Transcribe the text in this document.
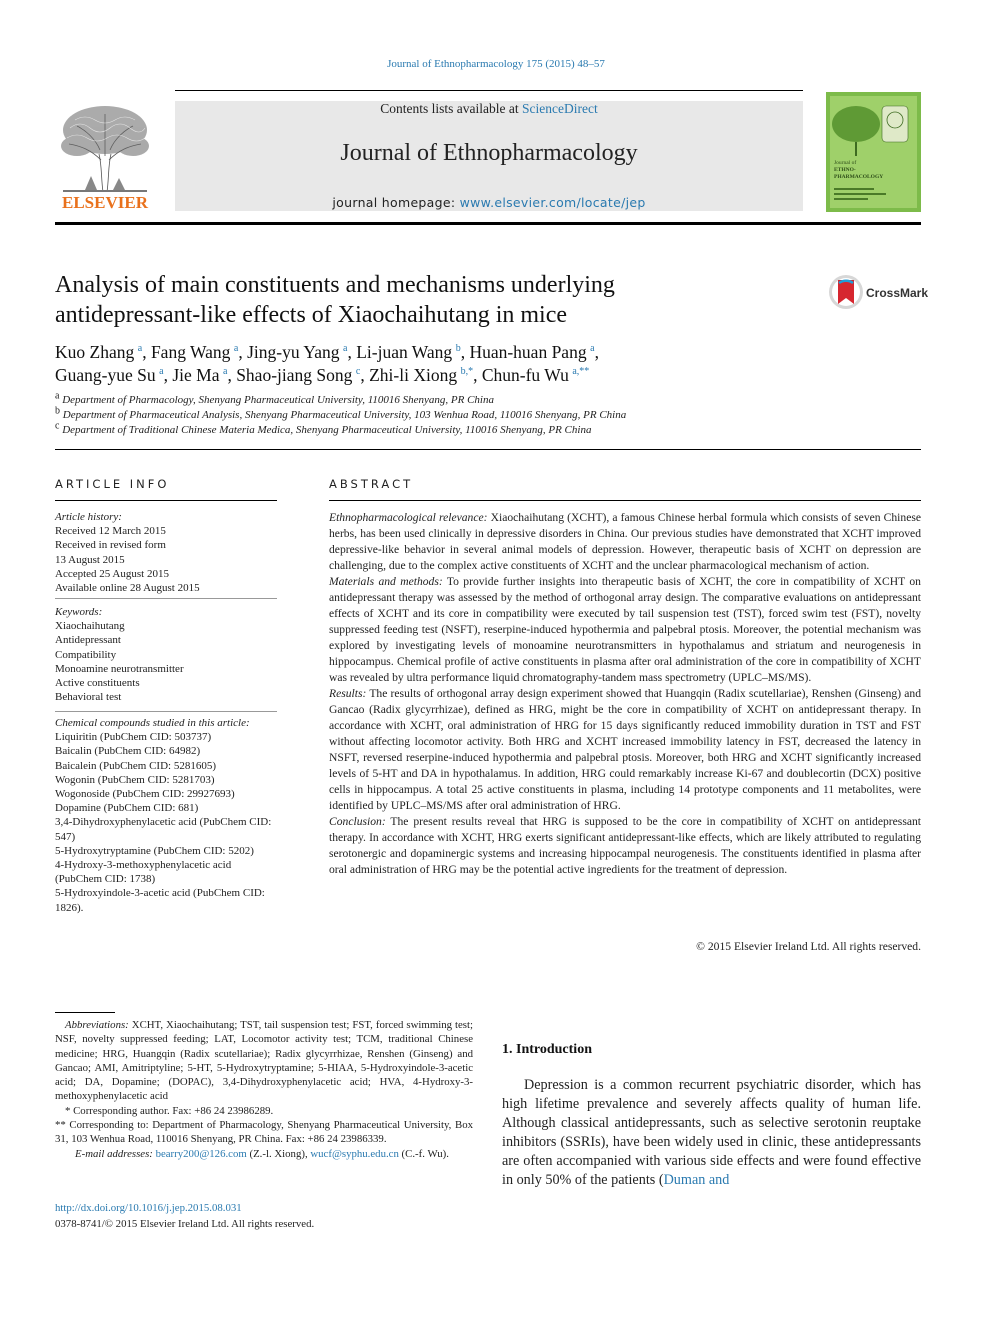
Journal of Ethnopharmacology 175 (2015) 48–57
Contents lists available at ScienceDirect
Journal of Ethnopharmacology
journal homepage: www.elsevier.com/locate/jep
ELSEVIER
Journal of ETHNO- PHARMACOLOGY
Analysis of main constituents and mechanisms underlying
antidepressant-like effects of Xiaochaihutang in mice
CrossMark
Kuo Zhang  $^a$, Fang Wang  $^a$, Jing-yu Yang  $^a$, Li-juan Wang  $^b$, Huan-huan Pang  $^a$,
Guang-yue Su  $^a$, Jie Ma  $^a$, Shao-jiang Song  $^c$, Zhi-li Xiong  $^{b,*}$, Chun-fu Wu  $^{a,**}$
$^a$ Department of Pharmacology, Shenyang Pharmaceutical University, 110016 Shenyang, PR China
$^b$ Department of Pharmaceutical Analysis, Shenyang Pharmaceutical University, 103 Wenhua Road, 110016 Shenyang, PR China
$^c$ Department of Traditional Chinese Materia Medica, Shenyang Pharmaceutical University, 110016 Shenyang, PR China
ARTICLE INFO	ABSTRACT
Article history:
Received 12 March 2015
Received in revised form
13 August 2015
Accepted 25 August 2015
Available online 28 August 2015
Keywords:
Xiaochaihutang
Antidepressant
Compatibility
Monoamine neurotransmitter
Active constituents
Behavioral test
Chemical compounds studied in this article:
Liquiritin (PubChem CID: 503737)
Baicalin (PubChem CID: 64982)
Baicalein (PubChem CID: 5281605)
Wogonin (PubChem CID: 5281703)
Wogonoside (PubChem CID: 29927693)
Dopamine (PubChem CID: 681)
3,4-Dihydroxyphenylacetic acid (PubChem CID: 547)
5-Hydroxytryptamine (PubChem CID: 5202)
4-Hydroxy-3-methoxyphenylacetic acid (PubChem CID: 1738)
5-Hydroxyindole-3-acetic acid (PubChem CID: 1826).

Ethnopharmacological relevance: Xiaochaihutang (XCHT), a famous Chinese herbal formula which consists of seven Chinese herbs, has been used clinically in depressive disorders in China. Our previous studies have demonstrated that XCHT improved depressive-like behavior in several animal models of depression. However, therapeutic basis of XCHT on depression are challenging, due to the complex active constituents of XCHT and the unclear pharmacological mechanism of action.

Materials and methods: To provide further insights into therapeutic basis of XCHT, the core in compatibility of XCHT on antidepressant therapy was assessed by the method of orthogonal array design. The comparative evaluations on antidepressant effects of XCHT and its core in compatibility were executed by tail suspension test (TST), forced swim test (FST), novelty suppressed feeding test (NSFT), reserpine-induced hypothermia and palpebral ptosis. Moreover, the potential mechanism was explored by investigating levels of monoamine neurotransmitters in hypothalamus and striatum and neurogenesis in hippocampus. Chemical profile of active constituents in plasma after oral administration of the core in compatibility of XCHT was revealed by ultra performance liquid chromatography-tandem mass spectrometry (UPLC–MS/MS).

Results: The results of orthogonal array design experiment showed that Huangqin (Radix scutellariae), Renshen (Ginseng) and Gancao (Radix glycyrrhizae), defined as HRG, might be the core in compatibility of XCHT on antidepressant therapy. In accordance with XCHT, oral administration of HRG for 15 days significantly reduced immobility duration in TST and FST without affecting locomotor activity. Both HRG and XCHT increased immobility latency in FST, decreased the latency in NSFT, reversed reserpine-induced hypothermia and palpebral ptosis. Moreover, both HRG and XCHT significantly increased levels of 5-HT and DA in hypothalamus. In addition, HRG could remarkably increase Ki-67 and doublecortin (DCX) positive cells in hippocampus. A total 25 active constituents in plasma, including 14 prototype components and 11 metabolites, were identified by UPLC–MS/MS after oral administration of HRG.

Conclusion: The present results reveal that HRG is supposed to be the core in compatibility of XCHT on antidepressant therapy. In accordance with XCHT, HRG exerts significant antidepressant-like effects, which are likely attributed to regulating serotonergic and dopaminergic systems and increasing hippocampal neurogenesis. The constituents identified in plasma after oral administration of HRG may be the potential active ingredients for the treatment of depression.

© 2015 Elsevier Ireland Ltd. All rights reserved.

Abbreviations: XCHT, Xiaochaihutang; TST, tail suspension test; FST, forced swimming test; NSF, novelty suppressed feeding; LAT, Locomotor activity test; TCM, traditional Chinese medicine; HRG, Huangqin (Radix scutellariae); Radix glycyrrhizae, Renshen (Ginseng) and Gancao; AMI, Amitriptyline; 5-HT, 5-Hydroxytryptamine; 5-HIAA, 5-Hydroxyindole-3-acetic acid; DA, Dopamine; (DOPAC), 3,4-Dihydroxyphenylacetic acid; HVA, 4-Hydroxy-3-methoxyphenylacetic acid

* Corresponding author. Fax: +86 24 23986289.

** Corresponding to: Department of Pharmacology, Shenyang Pharmaceutical University, Box 31, 103 Wenhua Road, 110016 Shenyang, PR China. Fax: +86 24 23986339.

E-mail addresses: bearry200@126.com (Z.-l. Xiong), wucf@syphu.edu.cn (C.-f. Wu).

http://dx.doi.org/10.1016/j.jep.2015.08.031
0378-8741/© 2015 Elsevier Ireland Ltd. All rights reserved.
1. Introduction

Depression is a common recurrent psychiatric disorder, which has high lifetime prevalence and severely affects quality of human life. Although classical antidepressants, such as selective serotonin reuptake inhibitors (SSRIs), have been widely used in clinic, these antidepressants are often accompanied with various side effects and were found effective in only 50% of the patients (Duman and
